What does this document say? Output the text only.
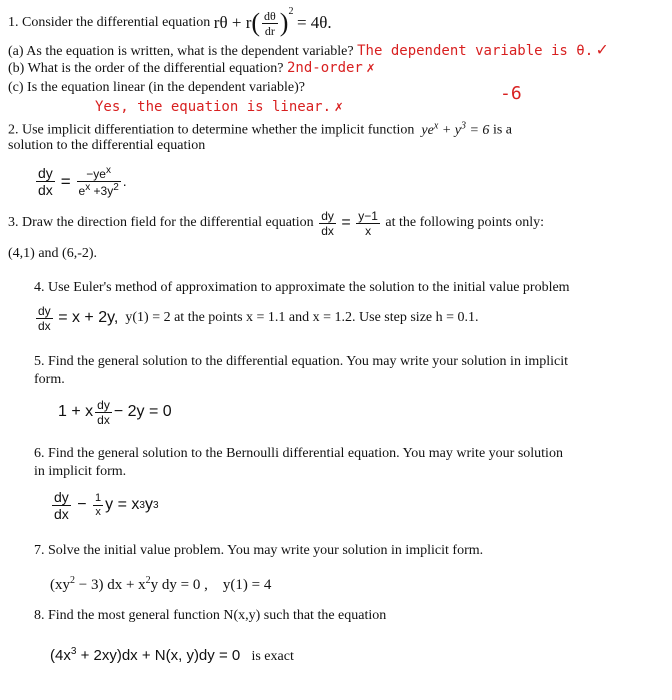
1. Consider the differential equation
rθ + r ( $\frac{d\theta}{dr} )^2$

= 4θ.
(a) As the equation is written, what is the dependent variable? The dependent variable is θ. ✓
(b) What is the order of the differential equation? 2nd-order ✗
(c) Is the equation linear (in the dependent variable)?	-6
Yes, the equation is linear. ✗
2. Use implicit differentiation to determine whether the implicit function $ye^x + y^3 = 6$ is a
solution to the differential equation
$\frac{dy}{dx}$
=
$\frac{-ye^x}{e^x +3y^2}$ .
3. Draw the direction field for the differential equation
$\frac{dy}{dx}$
=
$\frac{y-1}{x}$
at the following points only:
(4,1) and (6,-2).
4. Use Euler's method of approximation to approximate the solution to the initial value problem
$\frac{dy}{dx}$
= x + 2y,
y(1) = 2 at the points x = 1.1 and x = 1.2. Use step size h = 0.1.
5. Find the general solution to the differential equation. You may write your solution in implicit
form.
1 + x $\frac{dy}{dx} - 2y = 0$
6. Find the general solution to the Bernoulli differential equation. You may write your solution
in implicit form.
$\frac{dy}{dx}$
−
$\frac{1}{x}$ y = x 3 y 3
7. Solve the initial value problem. You may write your solution in implicit form.
$(xy^2 - 3)$ dx + $x^2y$ dy = 0 , y(1) = 4
8. Find the most general function N(x,y) such that the equation
$(4x^3 + 2xy)dx + N(x$, y)dy = 0 is exact
